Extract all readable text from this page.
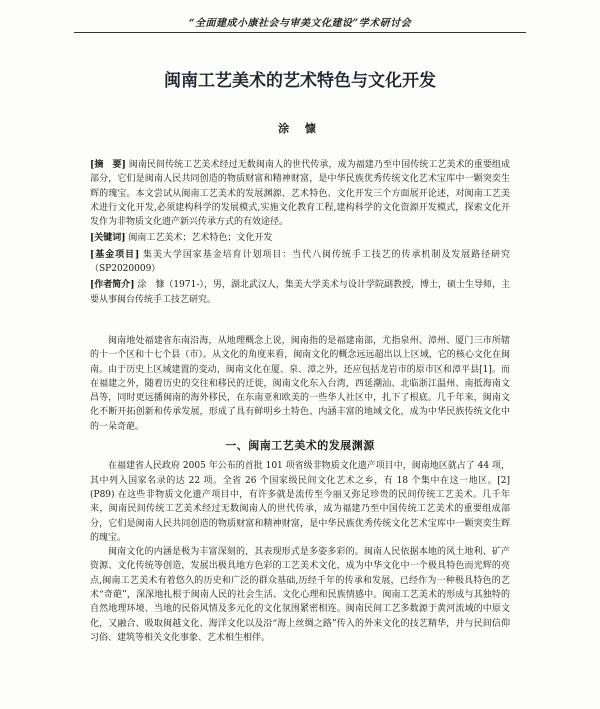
“全面建成小康社会与审美文化建设”学术研讨会
闽南工艺美术的艺术特色与文化开发
涂 慷

[摘　要] 闽南民间传统工艺美术经过无数闽南人的世代传承，成为福建乃至中国传统工艺美术的重要组成部分，它们是闽南人民共同创造的物质财富和精神财富，是中华民族优秀传统文化艺术宝库中一颗突奕生辉的瑰宝。本文尝试从闽南工艺美术的发展渊源、艺术特色、文化开发三个方面展开论述，对闽南工艺美术进行文化开发,必须建构科学的发展模式,实施文化教育工程,建构科学的文化资源开发模式，探索文化开发作为非物质文化遗产新兴传承方式的有效途径。

[关键词] 闽南工艺美术；艺术特色；文化开发

[基金项目] 集美大学国家基金培育计划项目：当代八闽传统手工技艺的传承机制及发展路径研究（SP2020009）

[作者简介] 涂　慷（1971-），男，湖北武汉人，集美大学美术与设计学院副教授，博士，硕士生导师，主要从事闽台传统手工技艺研究。

闽南地处福建省东南沿海，从地理概念上说，闽南指的是福建南部，尤指泉州、漳州、厦门三市所辖的十一个区和十七个县（市）。从文化的角度来看，闽南文化的概念远远超出以上区域，它的核心文化在闽南。由于历史上区域建置的变动，闽南文化在厦、泉、漳之外，还应包括龙岩市的原市区和漳平县[1]。而在福建之外，随着历史的交往和移民的迁徙，闽南文化东入台湾，西延潮汕、北临浙江温州、南抵海南文昌等，同时更远播闽南的海外移民，在东南亚和欧美的一些华人社区中，扎下了根底。几千年来，闽南文化不断开拓创新和传承发展，形成了具有鲜明乡土特色、内涵丰富的地域文化，成为中华民族传统文化中的一朵奇葩。

一、闽南工艺美术的发展渊源

在福建省人民政府 2005 年公布的首批 101 项省级非物质文化遗产项目中，闽南地区就占了 44 项，其中列入国家名录的达 22 项。全省 26 个国家级民间文化艺术之乡，有 18 个集中在这一地区。[2](P89) 在这些非物质文化遗产项目中，有许多就是流传至今丽又弥足珍贵的民间传统工艺美术。几千年来，闽南民间传统工艺美术经过无数闽南人的世代传承，成为福建乃至中国传统工艺美术的重要组成部分，它们是闽南人民共同创造的物质财富和精神财富，是中华民族优秀传统文化艺术宝库中一颗突奕生辉的瑰宝。

闽南文化的内涵是极为丰富深刻的，其表现形式是多姿多彩的。闽南人民依据本地的风土地利、矿产资源、文化传统等创造，发展出极具地方色彩的工艺美术文化，成为中华文化中一个极具特色而光辉的亮点,闽南工艺美术有着悠久的历史和广泛的群众基础,历经千年的传承和发展，已经作为一种极具特色的艺术“奇葩”，深深地扎根于闽南人民的社会生活、文化心理和民族情感中。闽南工艺美术的形成与其独特的自然地理环境、当地的民俗风情及多元化的文化氛围紧密相连。闽南民间工艺多数源于黄河流域的中原文化，又融合、吸取闽越文化、海洋文化以及沿“海上丝绸之路”传入的外来文化的技艺精华，并与民间信仰习俗、建筑等相关文化事象、艺术相生相伴。
